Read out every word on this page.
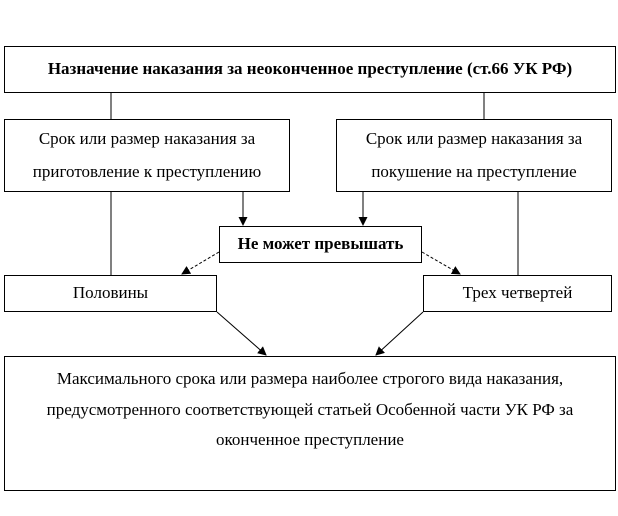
Назначение наказания за неоконченное преступление (ст.66 УК РФ)
Срок или размер наказания за
приготовление к преступлению
Срок или размер наказания за
покушение на преступление
Не может превышать
Половины	Трех четвертей
Максимального срока или размера наиболее строгого вида наказания,
предусмотренного соответствующей статьей Особенной части УК РФ за
оконченное преступление
